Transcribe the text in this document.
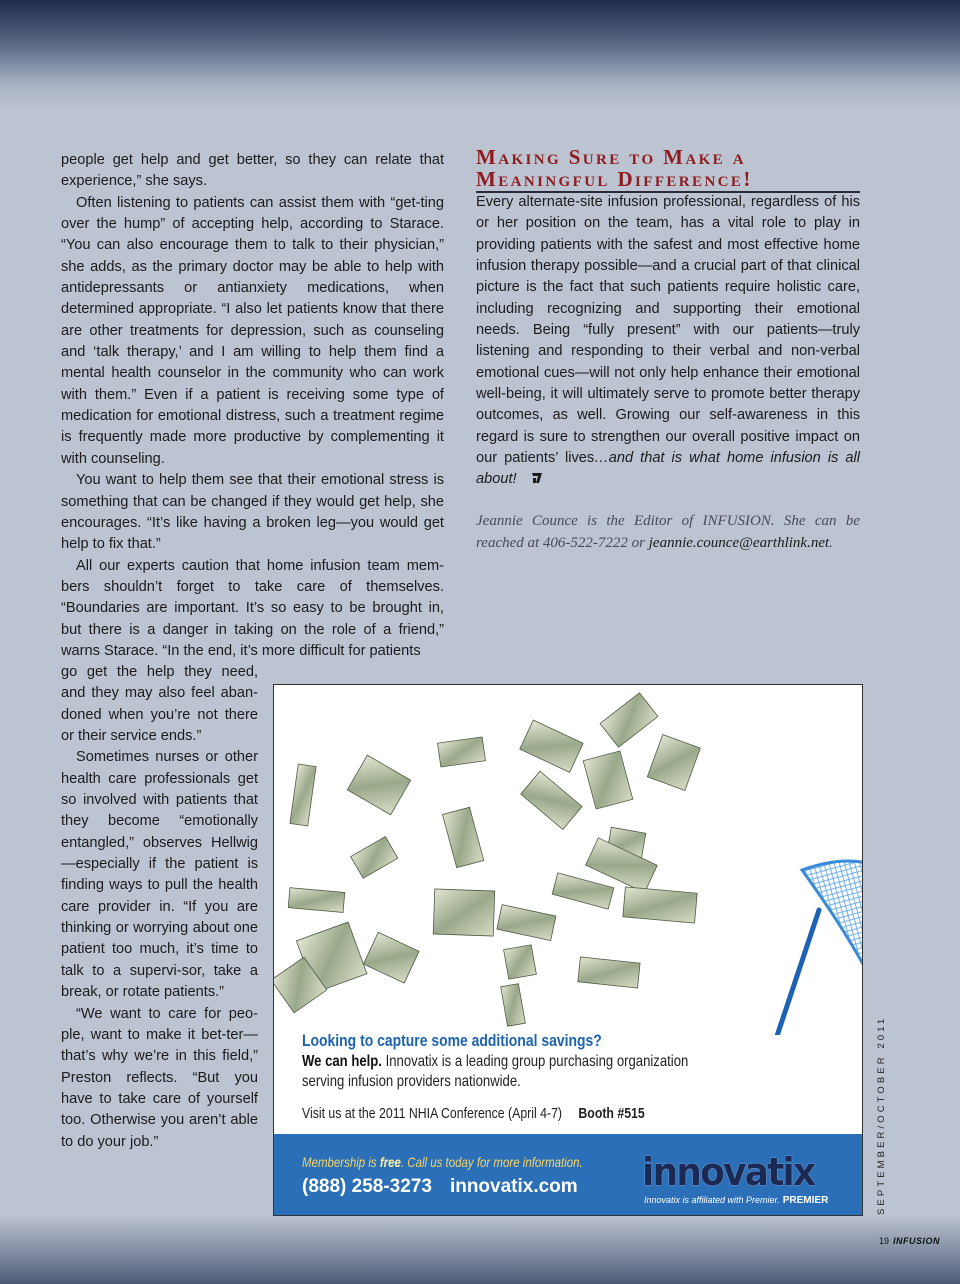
people get help and get better, so they can relate that experience,” she says.

Often listening to patients can assist them with “get-ting over the hump” of accepting help, according to Starace. “You can also encourage them to talk to their physician,” she adds, as the primary doctor may be able to help with antidepressants or antianxiety medications, when determined appropriate. “I also let patients know that there are other treatments for depression, such as counseling and ‘talk therapy,’ and I am willing to help them find a mental health counselor in the community who can work with them.” Even if a patient is receiving some type of medication for emotional distress, such a treatment regime is frequently made more productive by complementing it with counseling.

You want to help them see that their emotional stress is something that can be changed if they would get help, she encourages. “It’s like having a broken leg—you would get help to fix that.”

All our experts caution that home infusion team mem-bers shouldn’t forget to take care of themselves. “Boundaries are important. It’s so easy to be brought in, but there is a danger in taking on the role of a friend,” warns Starace. “In the end, it’s more difficult for patients

go get the help they need, and they may also feel aban-doned when you’re not there or their service ends.”

Sometimes nurses or other health care professionals get so involved with patients that they become “emotionally entangled,” observes Hellwig—especially if the patient is finding ways to pull the health care provider in. “If you are thinking or worrying about one patient too much, it’s time to talk to a supervi-sor, take a break, or rotate patients.”

“We want to care for peo-ple, want to make it bet-ter—that’s why we’re in this field,” Preston reflects. “But you have to take care of yourself too. Otherwise you aren’t able to do your job.”

Making Sure to Make a
Meaningful Difference!

Every alternate-site infusion professional, regardless of his or her position on the team, has a vital role to play in providing patients with the safest and most effective home infusion therapy possible—and a crucial part of that clinical picture is the fact that such patients require holistic care, including recognizing and supporting their emotional needs. Being “fully present” with our patients—truly listening and responding to their verbal and non-verbal emotional cues—will not only help enhance their emotional well-being, it will ultimately serve to promote better therapy outcomes, as well. Growing our self-awareness in this regard is sure to strengthen our overall positive impact on our patients’ lives…and that is what home infusion is all about!

Jeannie Counce is the Editor of INFUSION. She can be reached at 406-522-7222 or jeannie.counce@earthlink.net.
Looking to capture some additional savings?
We can help. Innovatix is a leading group purchasing organization serving infusion providers nationwide.
Visit us at the 2011 NHIA Conference (April 4-7) Booth #515
Membership is free. Call us today for more information.
(888) 258-3273 innovatix.com innovatix
Innovatix is affiliated with Premier. PREMIER	SEPTEMBER/OCTOBER 2011
19 INFUSION
